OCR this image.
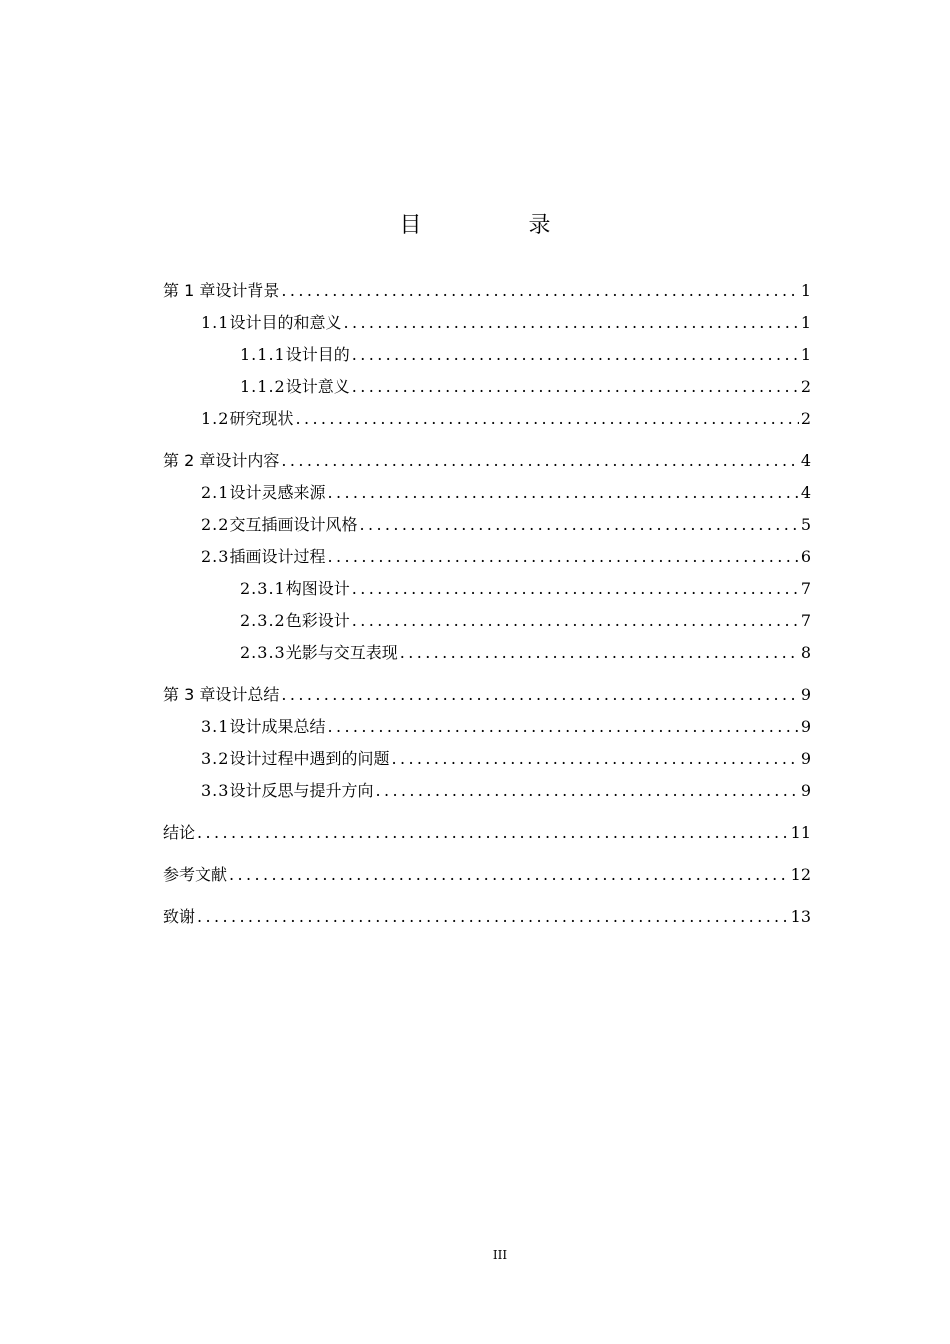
目 录
第 1 章 设计背景 .....	1
1.1 设计目的和意义 .....	1
1.1.1 设计目的 .....	1
1.1.2 设计意义 .....	2
1.2 研究现状 .....	2
第 2 章 设计内容 .....	4
2.1 设计灵感来源 .....	4
2.2 交互插画设计风格 .....	5
2.3 插画设计过程 .....	6
2.3.1 构图设计 .....	7
2.3.2 色彩设计 .....	7
2.3.3 光影与交互表现 .....	8
第 3 章 设计总结 .....	9
3.1 设计成果总结 .....	9
3.2 设计过程中遇到的问题 .....	9
3.3 设计反思与提升方向 .....	9
结论 .....	11
参考文献 .....	12
致谢 .....	13
III
